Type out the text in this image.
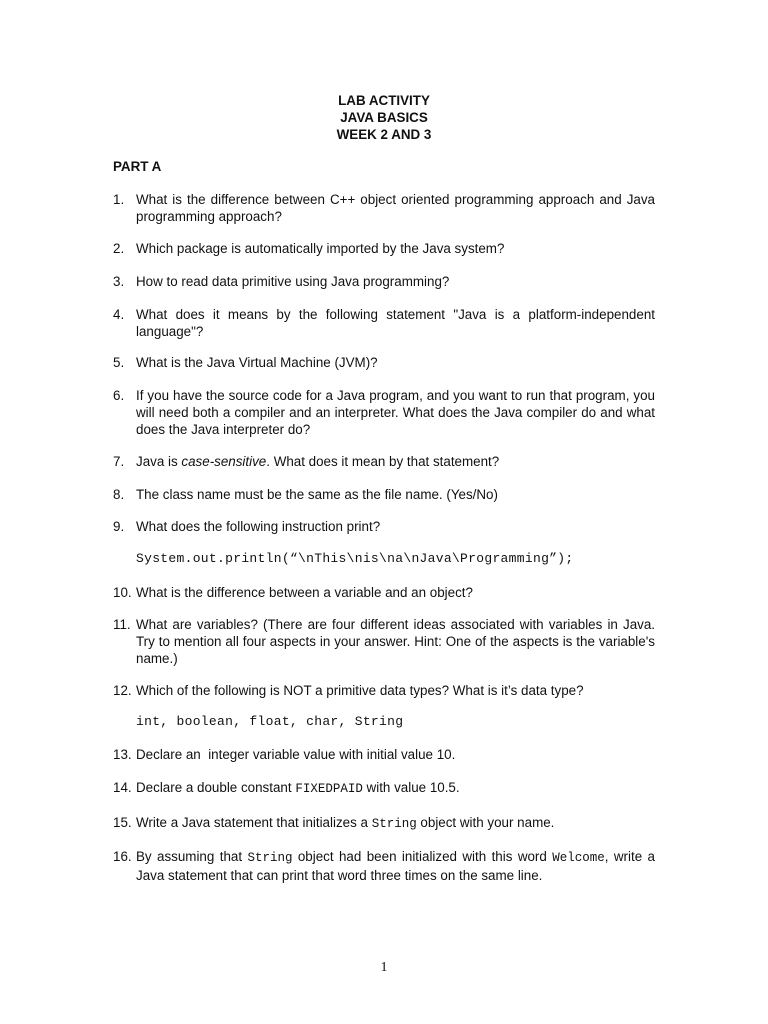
LAB ACTIVITY
JAVA BASICS
WEEK 2 AND 3
PART A
1. What is the difference between C++ object oriented programming approach and Java programming approach?
2. Which package is automatically imported by the Java system?
3. How to read data primitive using Java programming?
4. What does it means by the following statement "Java is a platform-independent language"?
5. What is the Java Virtual Machine (JVM)?
6. If you have the source code for a Java program, and you want to run that program, you will need both a compiler and an interpreter. What does the Java compiler do and what does the Java interpreter do?
7. Java is case-sensitive. What does it mean by that statement?
8. The class name must be the same as the file name. (Yes/No)
9. What does the following instruction print?
System.out.println(“\nThis\nis\na\nJava\Programming”);
10. What is the difference between a variable and an object?
11. What are variables? (There are four different ideas associated with variables in Java. Try to mention all four aspects in your answer. Hint: One of the aspects is the variable's name.)
12. Which of the following is NOT a primitive data types? What is it’s data type?
int, boolean, float, char, String
13. Declare an  integer variable value with initial value 10.
14. Declare a double constant FIXEDPAID with value 10.5.
15. Write a Java statement that initializes a String object with your name.
16. By assuming that String object had been initialized with this word Welcome, write a Java statement that can print that word three times on the same line.
1
